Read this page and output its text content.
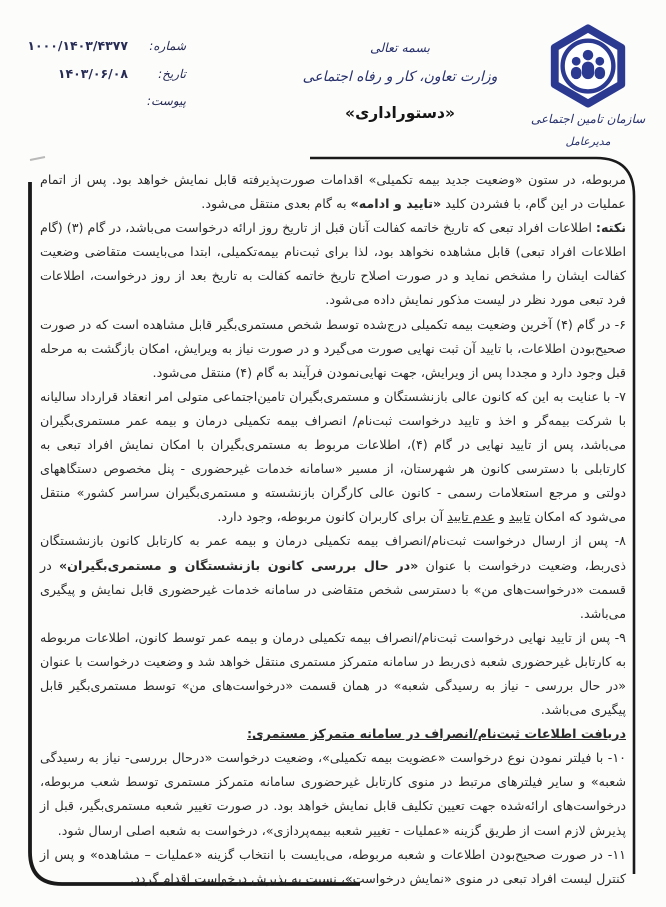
سازمان تامین اجتماعی
مدیرعامل
بسمه تعالی
وزارت تعاون، کار و رفاه اجتماعی
«دستوراداری»
شماره:
۱۰۰۰/۱۴۰۳/۴۳۷۷
تاریخ:
۱۴۰۳/۰۶/۰۸
پیوست:

مربوطه، در ستون «وضعیت جدید بیمه تکمیلی» اقدامات صورت‌پذیرفته قابل نمایش خواهد بود. پس از اتمام عملیات در این گام، با فشردن کلید «تایید و ادامه» به گام بعدی منتقل می‌شود.

نکته: اطلاعات افراد تبعی که تاریخ خاتمه کفالت آنان قبل از تاریخ روز ارائه درخواست می‌باشد، در گام (۳) (گام اطلاعات افراد تبعی) قابل مشاهده نخواهد بود، لذا برای ثبت‌نام بیمه‌تکمیلی، ابتدا می‌بایست متقاضی وضعیت کفالت ایشان را مشخص نماید و در صورت اصلاح تاریخ خاتمه کفالت به تاریخ بعد از روز درخواست، اطلاعات فرد تبعی مورد نظر در لیست مذکور نمایش داده می‌شود.

۶- در گام (۴) آخرین وضعیت بیمه تکمیلی درج‌شده توسط شخص مستمری‌بگیر قابل مشاهده است که در صورت صحیح‌بودن اطلاعات، با تایید آن ثبت نهایی صورت می‌گیرد و در صورت نیاز به ویرایش، امکان بازگشت به مرحله قبل وجود دارد و مجددا پس از ویرایش، جهت نهایی‌نمودن فرآیند به گام (۴) منتقل می‌شود.

۷- با عنایت به این که کانون عالی بازنشستگان و مستمری‌بگیران تامین‌اجتماعی متولی امر انعقاد قرارداد سالیانه با شرکت بیمه‌گر و اخذ و تایید درخواست ثبت‌نام/ انصراف بیمه تکمیلی درمان و بیمه عمر مستمری‌بگیران می‌باشد، پس از تایید نهایی در گام (۴)، اطلاعات مربوط به مستمری‌بگیران با امکان نمایش افراد تبعی به کارتابلی با دسترسی کانون هر شهرستان، از مسیر «سامانه خدمات غیرحضوری - پنل مخصوص دستگاههای دولتی و مرجع استعلامات رسمی - کانون عالی کارگران بازنشسته و مستمری‌بگیران سراسر کشور» منتقل می‌شود که امکان تایید و عدم تایید آن برای کاربران کانون مربوطه، وجود دارد.

۸- پس از ارسال درخواست ثبت‌نام/انصراف بیمه تکمیلی درمان و بیمه عمر به کارتابل کانون بازنشستگان ذی‌ربط، وضعیت درخواست با عنوان «در حال بررسی کانون بازنشستگان و مستمری‌بگیران» در قسمت «درخواست‌های من» با دسترسی شخص متقاضی در سامانه خدمات غیرحضوری قابل نمایش و پیگیری می‌باشد.

۹- پس از تایید نهایی درخواست ثبت‌نام/انصراف بیمه تکمیلی درمان و بیمه عمر توسط کانون، اطلاعات مربوطه به کارتابل غیرحضوری شعبه ذی‌ربط در سامانه متمرکز مستمری منتقل خواهد شد و وضعیت درخواست با عنوان «در حال بررسی - نیاز به رسیدگی شعبه» در همان قسمت «درخواست‌های من» توسط مستمری‌بگیر قابل پیگیری می‌باشد.

دریافت اطلاعات ثبت‌نام/انصراف در سامانه متمرکز مستمری:

۱۰- با فیلتر نمودن نوع درخواست «عضویت بیمه تکمیلی»، وضعیت درخواست «درحال بررسی- نیاز به رسیدگی شعبه» و سایر فیلترهای مرتبط در منوی کارتابل غیرحضوری سامانه متمرکز مستمری توسط شعب مربوطه، درخواست‌های ارائه‌شده جهت تعیین تکلیف قابل نمایش خواهد بود. در صورت تغییر شعبه مستمری‌بگیر، قبل از پذیرش لازم است از طریق گزینه «عملیات - تغییر شعبه بیمه‌پردازی»، درخواست به شعبه اصلی ارسال شود.

۱۱- در صورت صحیح‌بودن اطلاعات و شعبه مربوطه، می‌بایست با انتخاب گزینه «عملیات – مشاهده» و پس از کنترل لیست افراد تبعی در منوی «نمایش درخواست»، نسبت به پذیرش درخواست اقدام گردد.
